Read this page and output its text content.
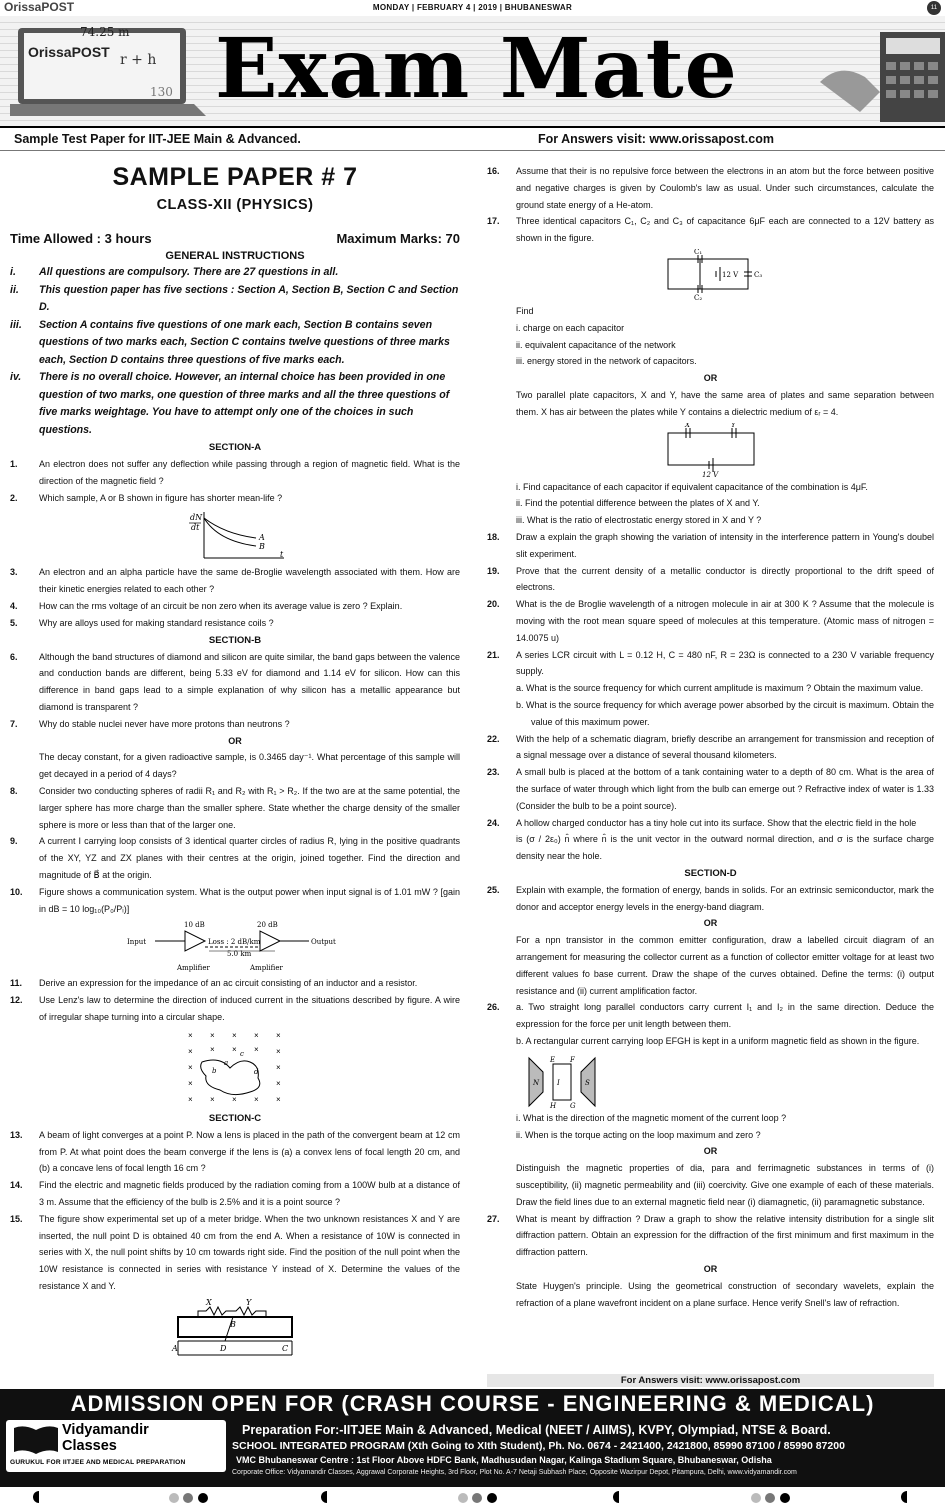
OrissaPOST	MONDAY | FEBRUARY 4 | 2019 | BHUBANESWAR	11
OrissaPOST
74.25 m
r + h
130 Exam Mate
Sample Test Paper for IIT-JEE Main & Advanced.	For Answers visit: www.orissapost.com
SAMPLE PAPER # 7
CLASS-XII (PHYSICS)
Time Allowed : 3 hours	Maximum Marks: 70
GENERAL INSTRUCTIONS
i.	All questions are compulsory. There are 27 questions in all.
ii.	This question paper has five sections : Section A, Section B, Section C and Section D.
iii.	Section A contains five questions of one mark each, Section B contains seven questions of two marks each, Section C contains twelve questions of three marks each, Section D contains three questions of five marks each.
iv.	There is no overall choice. However, an internal choice has been provided in one question of two marks, one question of three marks and all the three questions of five marks weightage. You have to attempt only one of the choices in such questions.
SECTION-A
1.	An electron does not suffer any deflection while passing through a region of magnetic field. What is the direction of the magnetic field ?
2.	Which sample, A or B shown in figure has shorter mean-life ?
dN
dt
A
B
t
3.	An electron and an alpha particle have the same de-Broglie wavelength associated with them. How are their kinetic energies related to each other ?
4.	How can the rms voltage of an circuit be non zero when its average value is zero ? Explain.
5.	Why are alloys used for making standard resistance coils ?
SECTION-B
6.	Although the band structures of diamond and silicon are quite similar, the band gaps between the valence and conduction bands are different, being 5.33 eV for diamond and 1.14 eV for silicon. How can this difference in band gaps lead to a simple explanation of why silicon has a metallic appearance but diamond is transparent ?
7.	Why do stable nuclei never have more protons than neutrons ?
OR
The decay constant, for a given radioactive sample, is 0.3465 day⁻¹. What percentage of this sample will get decayed in a period of 4 days?
8.	Consider two conducting spheres of radii R₁ and R₂ with R₁ > R₂. If the two are at the same potential, the larger sphere has more charge than the smaller sphere. State whether the charge density of the smaller sphere is more or less than that of the larger one.
9.	A current I carrying loop consists of 3 identical quarter circles of radius R, lying in the positive quadrants of the XY, YZ and ZX planes with their centres at the origin, joined together. Find the direction and magnitude of B⃗ at the origin.
10.	Figure shows a communication system. What is the output power when input signal is of 1.01 mW ? [gain in dB = 10 log₁₀(P₀/Pᵢ)]
10 dB	20 dB
Input	Output
Loss : 2 dB/km
5.0 km
Amplifier	Amplifier
11.	Derive an expression for the impedance of an ac circuit consisting of an inductor and a resistor.
12.	Use Lenz's law to determine the direction of induced current in the situations described by figure. A wire of irregular shape turning into a circular shape.
× × × × ×
× × × × ×
×	×
×	×
× × × × ×
a
b
c
d
SECTION-C
13.	A beam of light converges at a point P. Now a lens is placed in the path of the convergent beam at 12 cm from P. At what point does the beam converge if the lens is (a) a convex lens of focal length 20 cm, and (b) a concave lens of focal length 16 cm ?
14.	Find the electric and magnetic fields produced by the radiation coming from a 100W bulb at a distance of 3 m. Assume that the efficiency of the bulb is 2.5% and it is a point source ?
15.	The figure show experimental set up of a meter bridge. When the two unknown resistances X and Y are inserted, the null point D is obtained 40 cm from the end A. When a resistance of 10W is connected in series with X, the null point shifts by 10 cm towards right side. Find the position of the null point when the 10W resistance is connected in series with resistance Y instead of X. Determine the values of the resistance X and Y.
X	Y
B
A	D	C
16.	Assume that their is no repulsive force between the electrons in an atom but the force between positive and negative charges is given by Coulomb's law as usual. Under such circumstances, calculate the ground state energy of a He-atom.
17.	Three identical capacitors C₁, C₂ and C₃ of capacitance 6μF each are connected to a 12V battery as shown in the figure.
C₁
C₂
C₃
12 V
Find
i. charge on each capacitor
ii. equivalent capacitance of the network
iii. energy stored in the network of capacitors.
OR
Two parallel plate capacitors, X and Y, have the same area of plates and same separation between them. X has air between the plates while Y contains a dielectric medium of εᵣ = 4.
X	Y
12 V
i. Find capacitance of each capacitor if equivalent capacitance of the combination is 4μF.
ii. Find the potential difference between the plates of X and Y.
iii. What is the ratio of electrostatic energy stored in X and Y ?
18.	Draw a explain the graph showing the variation of intensity in the interference pattern in Young's doubel slit experiment.
19.	Prove that the current density of a metallic conductor is directly proportional to the drift speed of electrons.
20.	What is the de Broglie wavelength of a nitrogen molecule in air at 300 K ? Assume that the molecule is moving with the root mean square speed of molecules at this temperature. (Atomic mass of nitrogen = 14.0075 u)
21.	A series LCR circuit with L = 0.12 H, C = 480 nF, R = 23Ω is connected to a 230 V variable frequency supply.
a. What is the source frequency for which current amplitude is maximum ? Obtain the maximum value.
b. What is the source frequency for which average power absorbed by the circuit is maximum. Obtain the value of this maximum power.
22.	With the help of a schematic diagram, briefly describe an arrangement for transmission and reception of a signal message over a distance of several thousand kilometers.
23.	A small bulb is placed at the bottom of a tank containing water to a depth of 80 cm. What is the area of the surface of water through which light from the bulb can emerge out ? Refractive index of water is 1.33 (Consider the bulb to be a point source).
24.	A hollow charged conductor has a tiny hole cut into its surface. Show that the electric field in the hole
is (σ / 2ε₀) n̂ where n̂ is the unit vector in the outward normal direction, and σ is the surface charge density near the hole.
SECTION-D
25.	Explain with example, the formation of energy, bands in solids. For an extrinsic semiconductor, mark the donor and acceptor energy levels in the energy-band diagram.
OR
For a npn transistor in the common emitter configuration, draw a labelled circuit diagram of an arrangement for measuring the collector current as a function of collector emitter voltage for at least two different values fo base current. Draw the shape of the curves obtained. Define the terms: (i) output resistance and (ii) current amplification factor.
26.	a. Two straight long parallel conductors carry current I₁ and I₂ in the same direction. Deduce the expression for the force per unit length between them.
b. A rectangular current carrying loop EFGH is kept in a uniform magnetic field as shown in the figure.
E F
H G
N	S
I
i. What is the direction of the magnetic moment of the current loop ?
ii. When is the torque acting on the loop maximum and zero ?
OR
Distinguish the magnetic properties of dia, para and ferrimagnetic substances in terms of (i) susceptibility, (ii) magnetic permeability and (iii) coercivity. Give one example of each of these materials. Draw the field lines due to an external magnetic field near (i) diamagnetic, (ii) paramagnetic substance.
27.	What is meant by diffraction ? Draw a graph to show the relative intensity distribution for a single slit diffraction pattern. Obtain an expression for the diffraction of the first minimum and first maximum in the diffraction pattern.
OR
State Huygen's principle. Using the geometrical construction of secondary wavelets, explain the refraction of a plane wavefront incident on a plane surface. Hence verify Snell's law of refraction.
For Answers visit: www.orissapost.com
ADMISSION OPEN FOR (CRASH COURSE - ENGINEERING & MEDICAL)
Vidyamandir
Classes
GURUKUL FOR IITJEE AND MEDICAL PREPARATION
Preparation For:-IITJEE Main & Advanced, Medical (NEET / AIIMS), KVPY, Olympiad, NTSE & Board.
SCHOOL INTEGRATED PROGRAM (Xth Going to XIth Student), Ph. No. 0674 - 2421400, 2421800, 85990 87100 / 85990 87200
VMC Bhubaneswar Centre : 1st Floor Above HDFC Bank, Madhusudan Nagar, Kalinga Stadium Square, Bhubaneswar, Odisha
Corporate Office: Vidyamandir Classes, Aggrawal Corporate Heights, 3rd Floor, Plot No. A-7 Netaji Subhash Place, Opposite Wazirpur Depot, Pitampura, Delhi, www.vidyamandir.com
